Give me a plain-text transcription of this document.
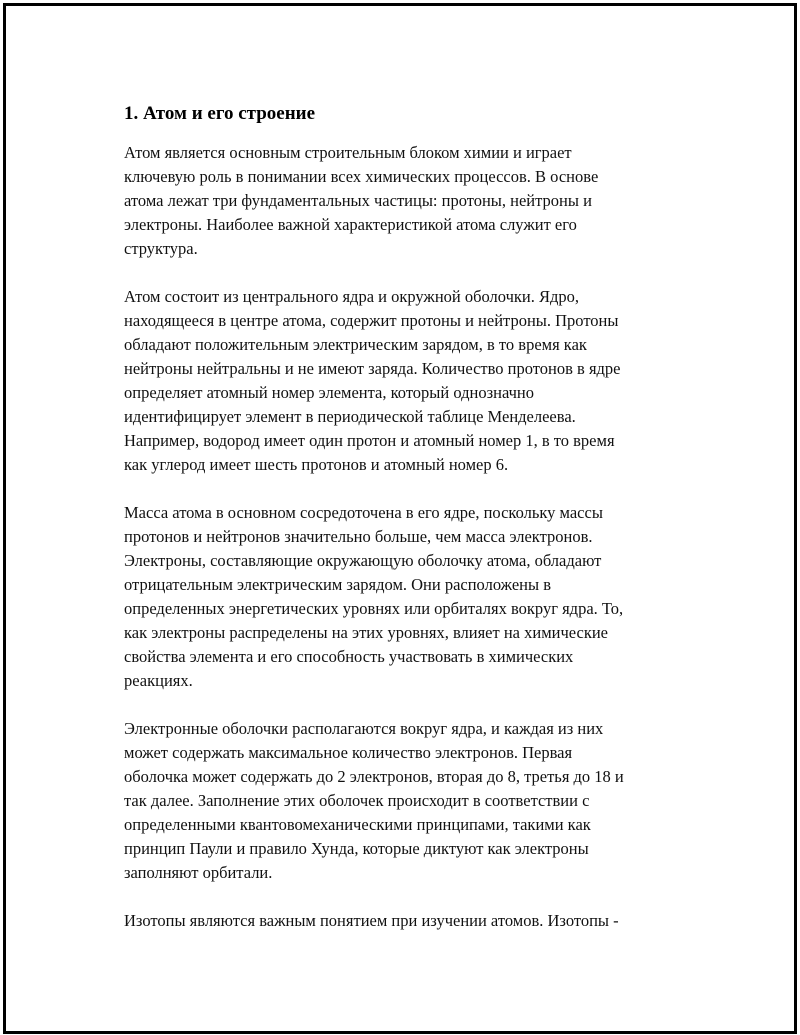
1. Атом и его строение

Атом является основным строительным блоком химии и играет
ключевую роль в понимании всех химических процессов. В основе
атома лежат три фундаментальных частицы: протоны, нейтроны и
электроны. Наиболее важной характеристикой атома служит его
структура.

Атом состоит из центрального ядра и окружной оболочки. Ядро,
находящееся в центре атома, содержит протоны и нейтроны. Протоны
обладают положительным электрическим зарядом, в то время как
нейтроны нейтральны и не имеют заряда. Количество протонов в ядре
определяет атомный номер элемента, который однозначно
идентифицирует элемент в периодической таблице Менделеева.
Например, водород имеет один протон и атомный номер 1, в то время
как углерод имеет шесть протонов и атомный номер 6.

Масса атома в основном сосредоточена в его ядре, поскольку массы
протонов и нейтронов значительно больше, чем масса электронов.
Электроны, составляющие окружающую оболочку атома, обладают
отрицательным электрическим зарядом. Они расположены в
определенных энергетических уровнях или орбиталях вокруг ядра. То,
как электроны распределены на этих уровнях, влияет на химические
свойства элемента и его способность участвовать в химических
реакциях.

Электронные оболочки располагаются вокруг ядра, и каждая из них
может содержать максимальное количество электронов. Первая
оболочка может содержать до 2 электронов, вторая до 8, третья до 18 и
так далее. Заполнение этих оболочек происходит в соответствии с
определенными квантовомеханическими принципами, такими как
принцип Паули и правило Хунда, которые диктуют как электроны
заполняют орбитали.

Изотопы являются важным понятием при изучении атомов. Изотопы -
